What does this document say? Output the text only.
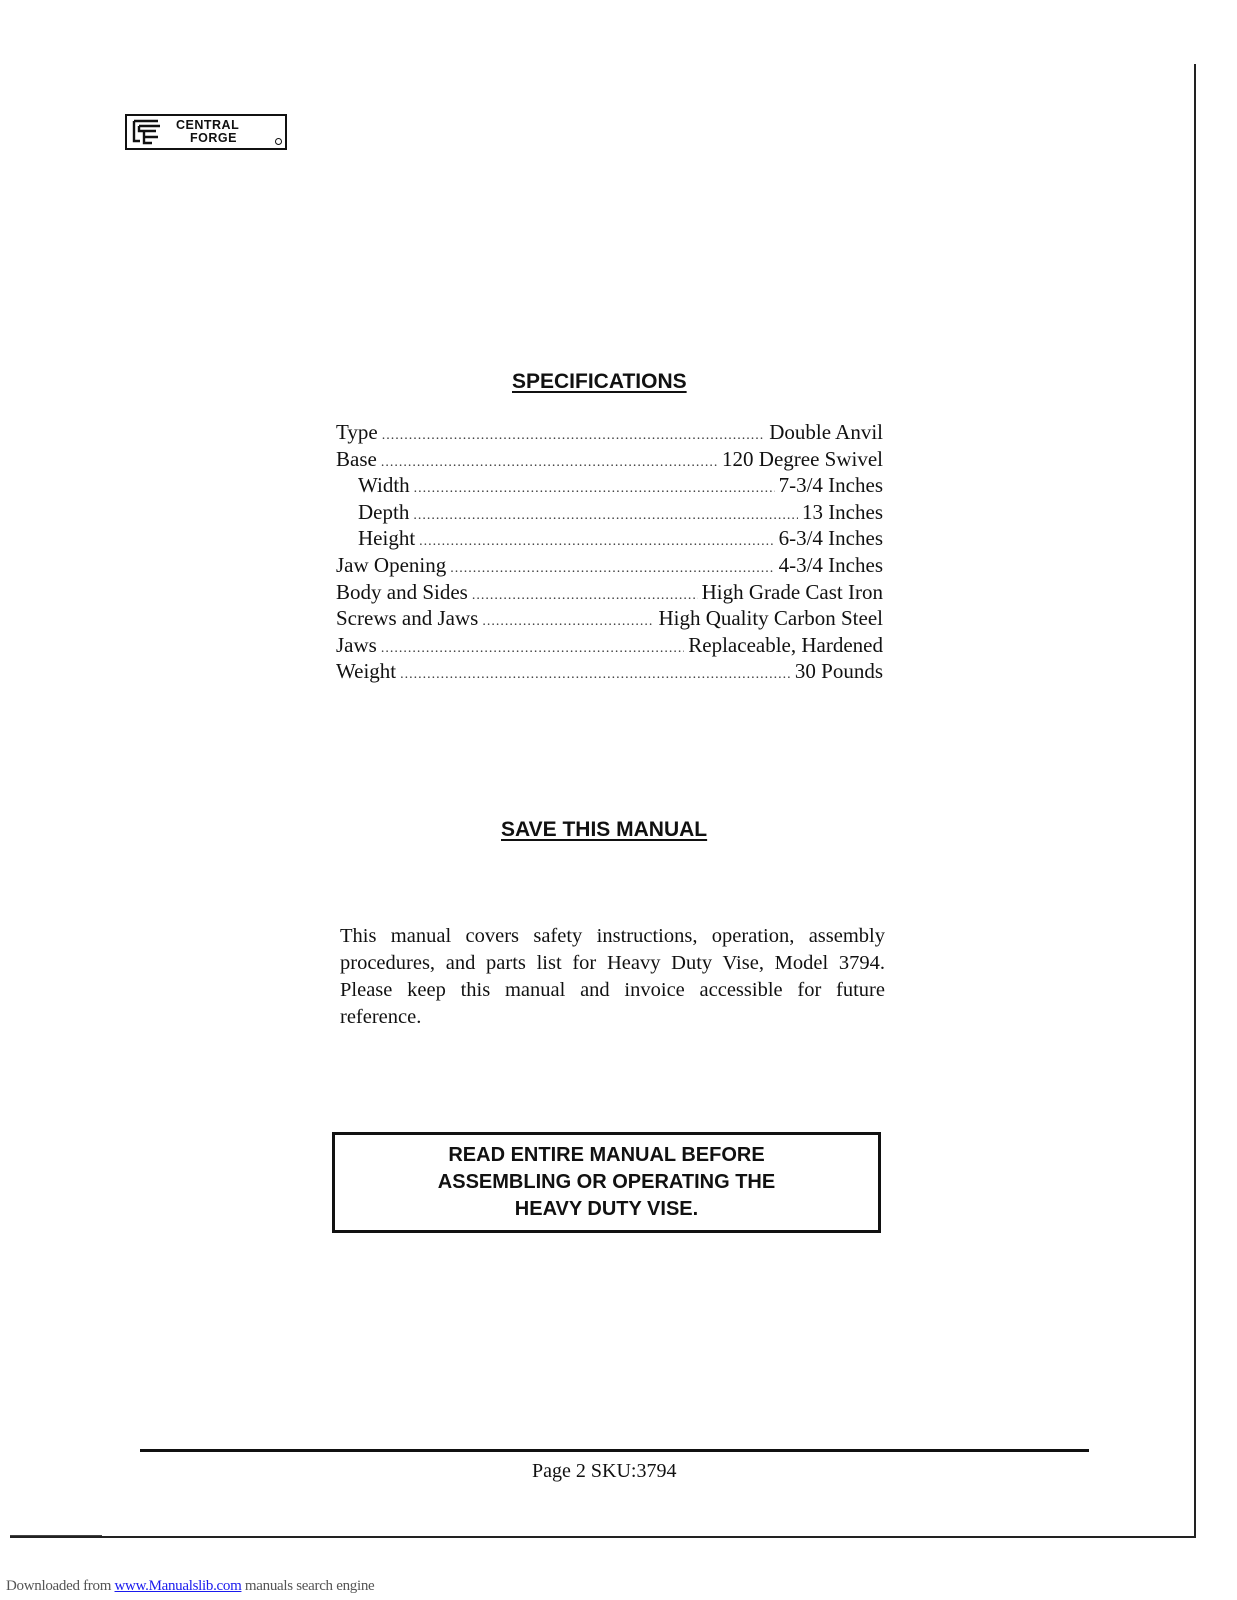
CENTRAL
FORGE
SPECIFICATIONS
Type .....	Double Anvil
Base .....	120 Degree Swivel
Width .....	7-3/4 Inches
Depth .....	13 Inches
Height .....	6-3/4 Inches
Jaw Opening .....	4-3/4 Inches
Body and Sides .....	High Grade Cast Iron
Screws and Jaws .....	High Quality Carbon Steel
Jaws .....	Replaceable, Hardened
Weight .....	30 Pounds
SAVE THIS MANUAL

This manual covers safety instructions, operation, assembly procedures, and parts list for Heavy Duty Vise, Model 3794. Please keep this manual and invoice accessible for future reference.

READ ENTIRE MANUAL BEFORE
ASSEMBLING OR OPERATING THE
HEAVY DUTY VISE.
Page 2 SKU:3794
Downloaded from www.Manualslib.com manuals search engine
